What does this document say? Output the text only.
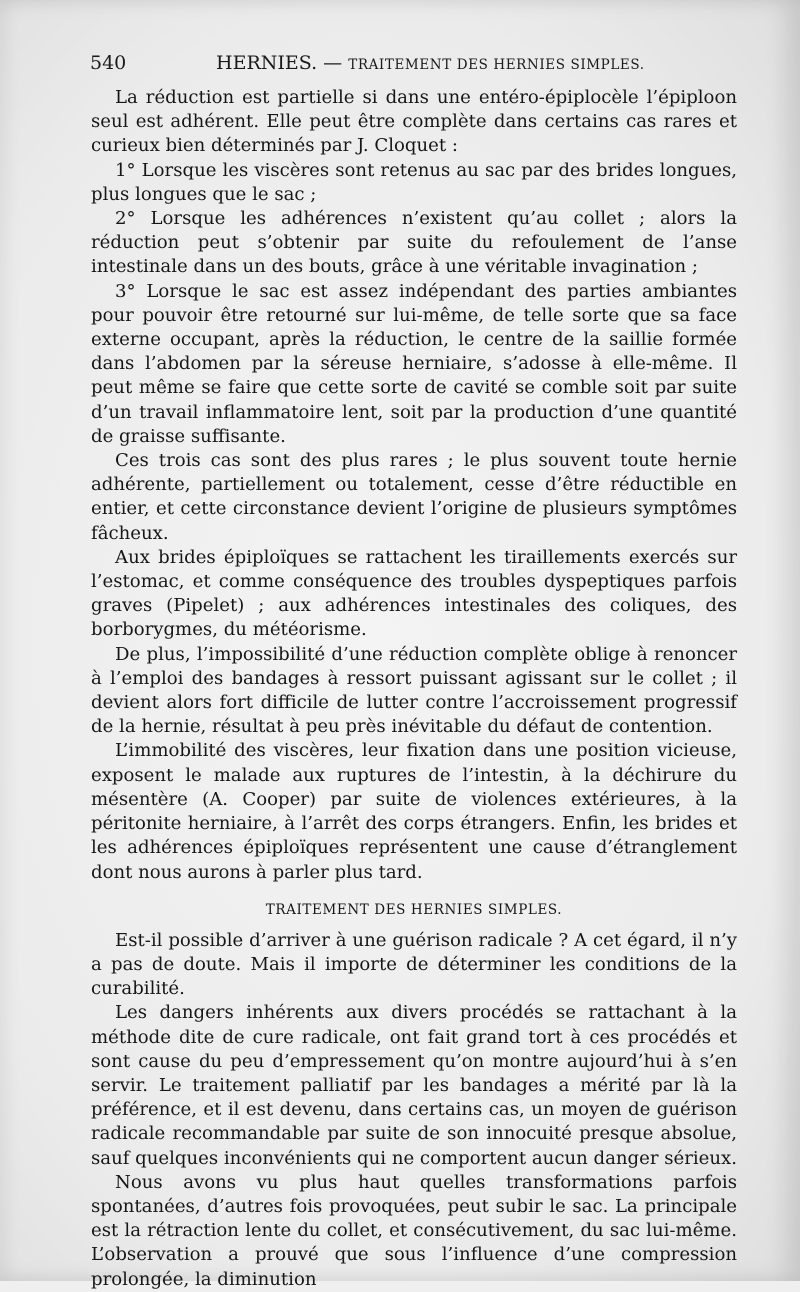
540	HERNIES. — TRAITEMENT DES HERNIES SIMPLES.

La réduction est partielle si dans une entéro-épiplocèle l’épiploon seul est adhérent. Elle peut être complète dans certains cas rares et curieux bien déterminés par J. Cloquet :

1° Lorsque les viscères sont retenus au sac par des brides longues, plus longues que le sac ;

2° Lorsque les adhérences n’existent qu’au collet ; alors la réduction peut s’obtenir par suite du refoulement de l’anse intestinale dans un des bouts, grâce à une véritable invagination ;

3° Lorsque le sac est assez indépendant des parties ambiantes pour pouvoir être retourné sur lui-même, de telle sorte que sa face externe occupant, après la réduction, le centre de la saillie formée dans l’abdomen par la séreuse herniaire, s’adosse à elle-même. Il peut même se faire que cette sorte de cavité se comble soit par suite d’un travail inflammatoire lent, soit par la production d’une quantité de graisse suffisante.

Ces trois cas sont des plus rares ; le plus souvent toute hernie adhérente, partiellement ou totalement, cesse d’être réductible en entier, et cette circonstance devient l’origine de plusieurs symptômes fâcheux.

Aux brides épiploïques se rattachent les tiraillements exercés sur l’estomac, et comme conséquence des troubles dyspeptiques parfois graves (Pipelet) ; aux adhérences intestinales des coliques, des borborygmes, du météorisme.

De plus, l’impossibilité d’une réduction complète oblige à renoncer à l’emploi des bandages à ressort puissant agissant sur le collet ; il devient alors fort difficile de lutter contre l’accroissement progressif de la hernie, résultat à peu près inévitable du défaut de contention.

L’immobilité des viscères, leur fixation dans une position vicieuse, exposent le malade aux ruptures de l’intestin, à la déchirure du mésentère (A. Cooper) par suite de violences extérieures, à la péritonite herniaire, à l’arrêt des corps étrangers. Enfin, les brides et les adhérences épiploïques représentent une cause d’étranglement dont nous aurons à parler plus tard.

TRAITEMENT DES HERNIES SIMPLES.

Est-il possible d’arriver à une guérison radicale ? A cet égard, il n’y a pas de doute. Mais il importe de déterminer les conditions de la curabilité.

Les dangers inhérents aux divers procédés se rattachant à la méthode dite de cure radicale, ont fait grand tort à ces procédés et sont cause du peu d’empressement qu’on montre aujourd’hui à s’en servir. Le traitement palliatif par les bandages a mérité par là la préférence, et il est devenu, dans certains cas, un moyen de guérison radicale recommandable par suite de son innocuité presque absolue, sauf quelques inconvénients qui ne comportent aucun danger sérieux.

Nous avons vu plus haut quelles transformations parfois spontanées, d’autres fois provoquées, peut subir le sac. La principale est la rétraction lente du collet, et consécutivement, du sac lui-même. L’observation a prouvé que sous l’influence d’une compression prolongée, la diminution
